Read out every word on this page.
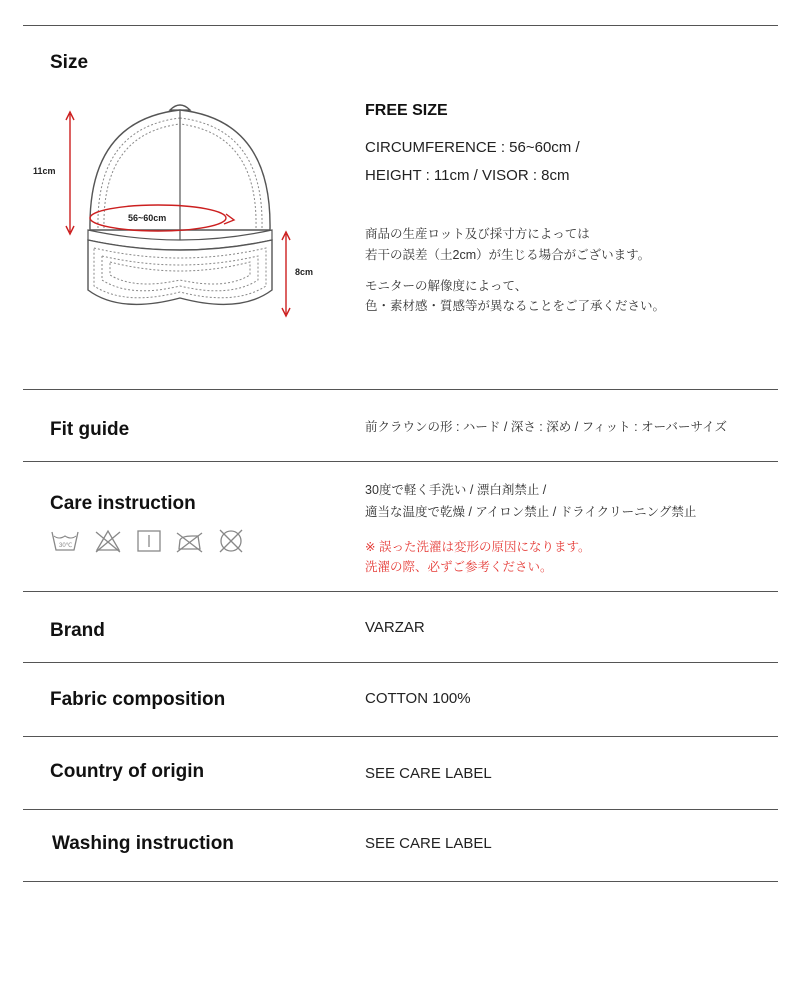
Size
11cm
56~60cm
8cm
FREE SIZE
CIRCUMFERENCE : 56~60cm /
HEIGHT : 11cm / VISOR : 8cm
商品の生産ロット及び採寸方によっては
若干の誤差（土2cm）が生じる場合がございます。
モニターの解像度によって、
色・素材感・質感等が異なることをご了承ください。
Fit guide	前クラウンの形 : ハード / 深さ : 深め / フィット : オーバーサイズ
Care instruction
30℃
30度で軽く手洗い / 漂白剤禁止 /
適当な温度で乾燥 / アイロン禁止 / ドライクリーニング禁止
※ 誤った洗濯は変形の原因になります。
洗濯の際、必ずご参考ください。
Brand	VARZAR
Fabric composition	COTTON 100%
Country of origin	SEE CARE LABEL
Washing instruction	SEE CARE LABEL
